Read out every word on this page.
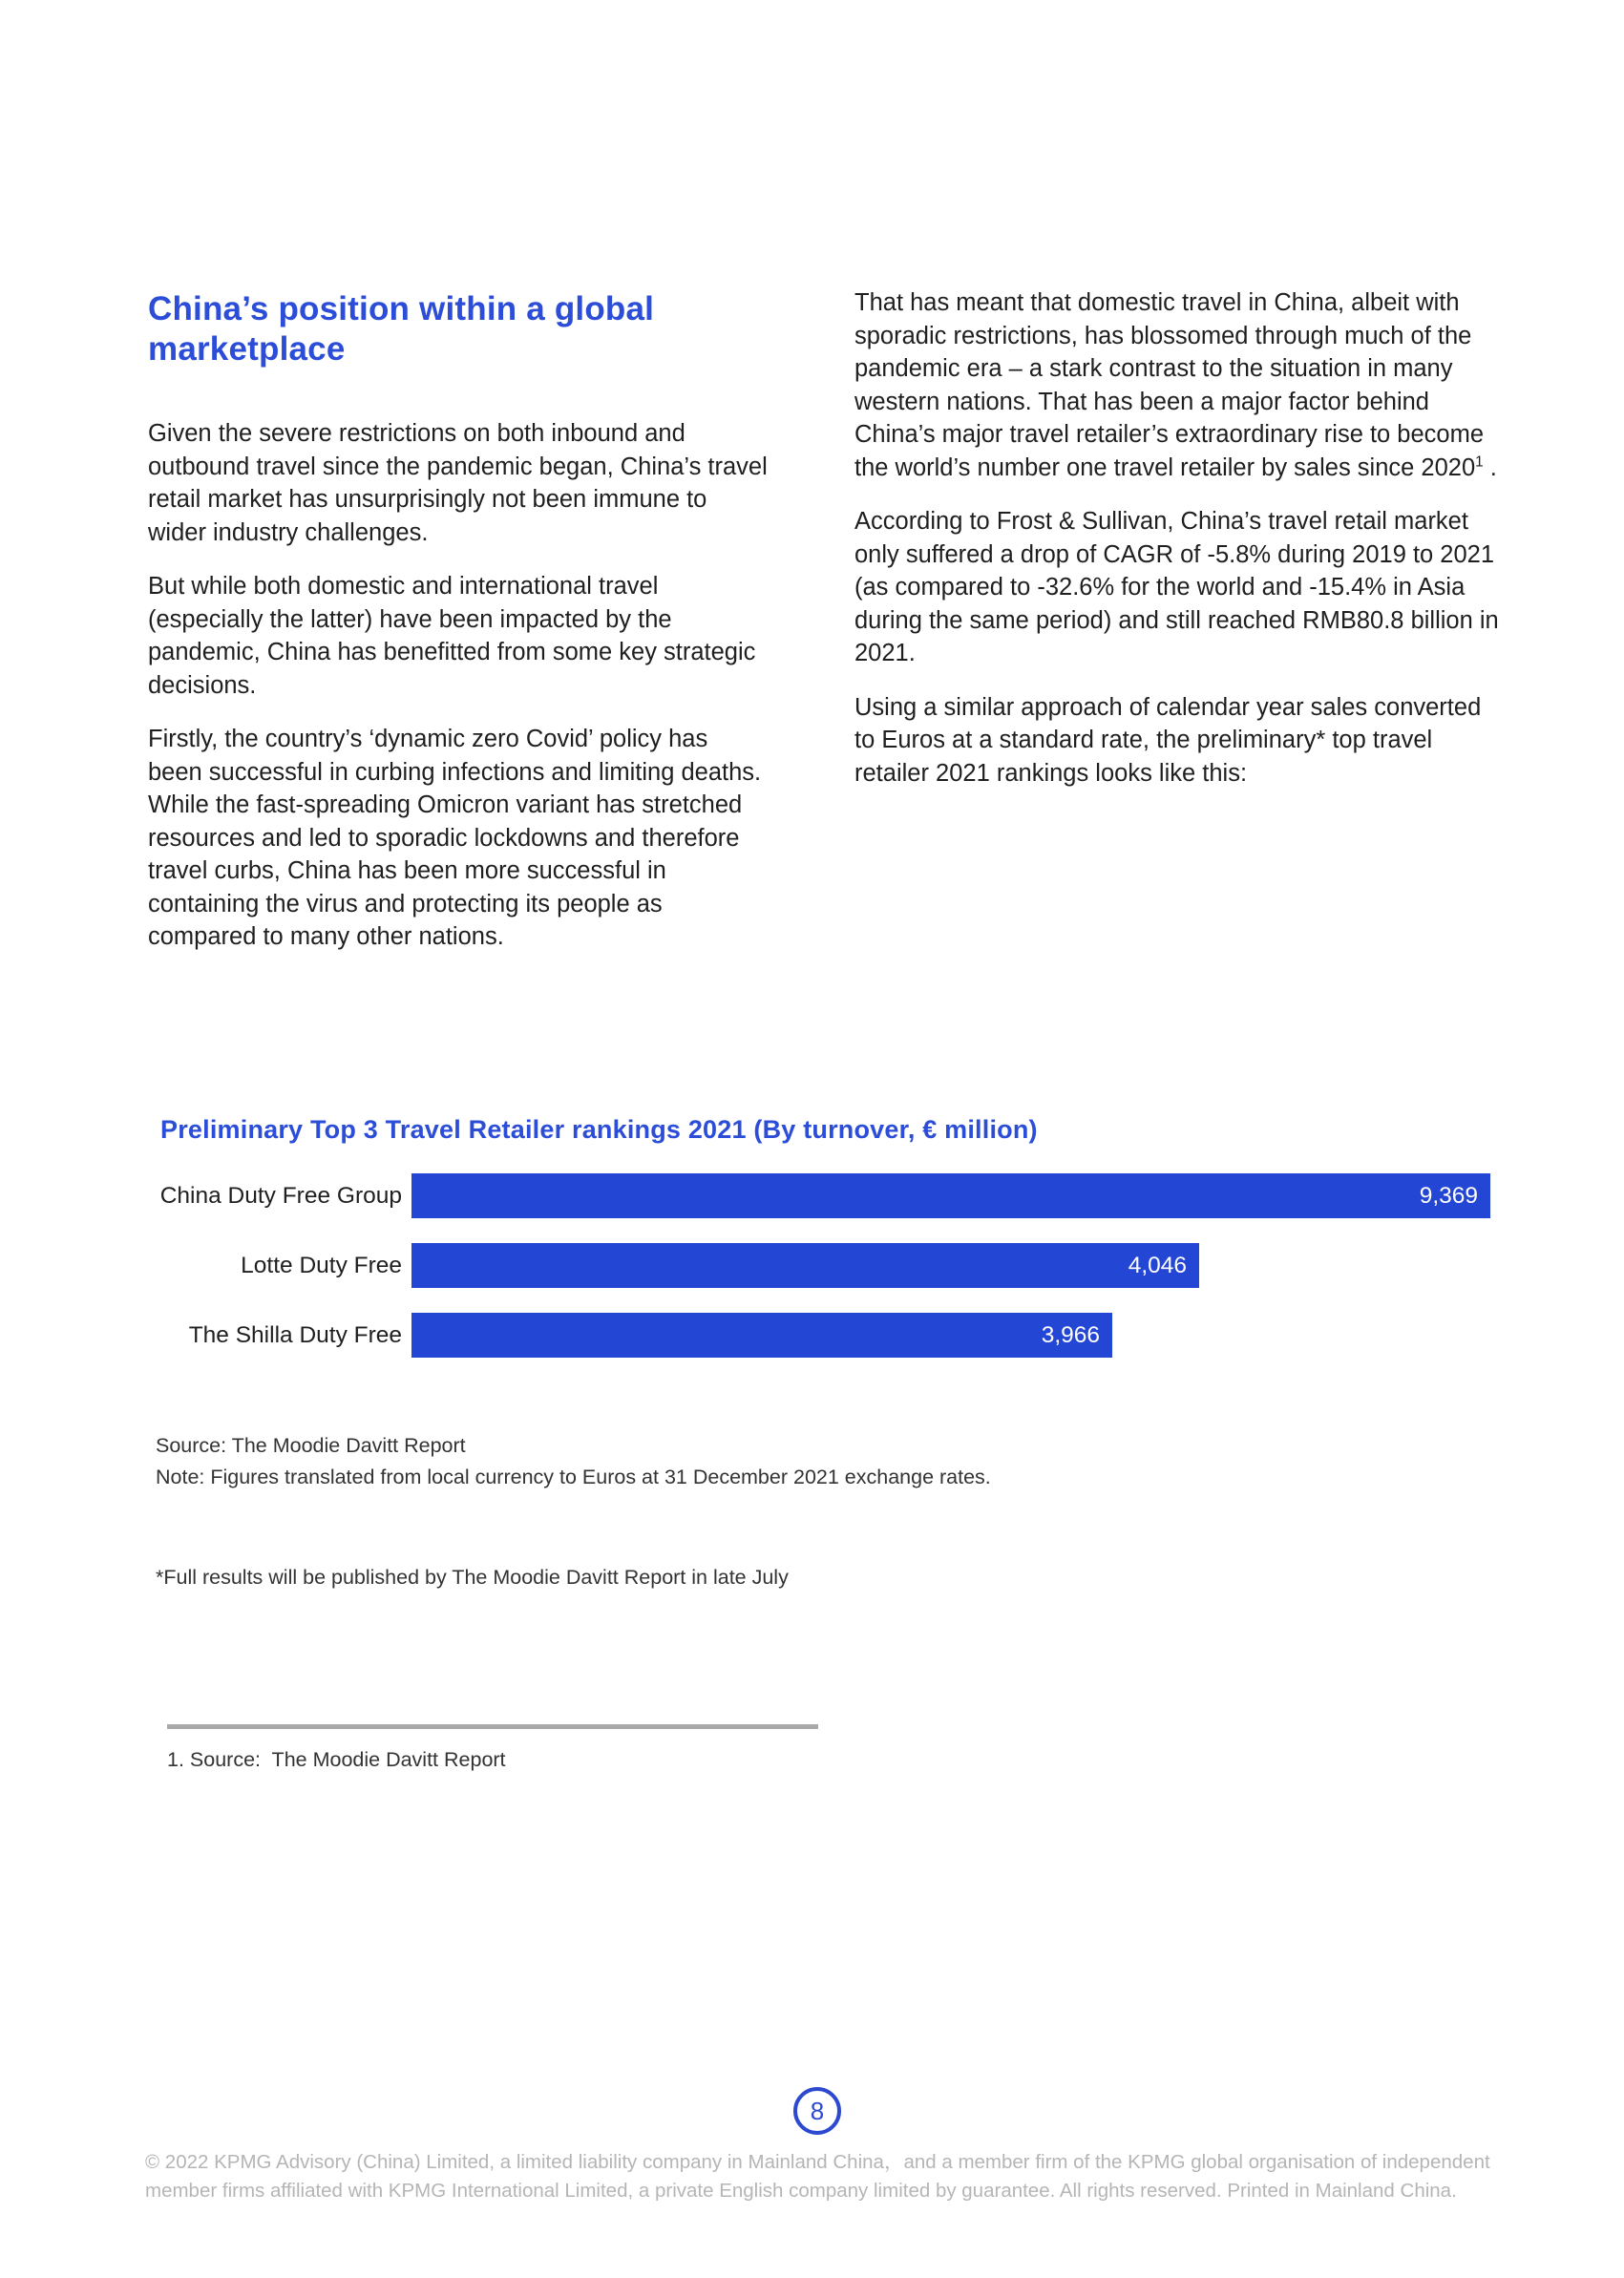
China’s position within a global marketplace

Given the severe restrictions on both inbound and outbound travel since the pandemic began, China’s travel retail market has unsurprisingly not been immune to wider industry challenges.

But while both domestic and international travel (especially the latter) have been impacted by the pandemic, China has benefitted from some key strategic decisions.

Firstly, the country’s ‘dynamic zero Covid’ policy has been successful in curbing infections and limiting deaths. While the fast-spreading Omicron variant has stretched resources and led to sporadic lockdowns and therefore travel curbs, China has been more successful in containing the virus and protecting its people as compared to many other nations.

That has meant that domestic travel in China, albeit with sporadic restrictions, has blossomed through much of the pandemic era – a stark contrast to the situation in many western nations. That has been a major factor behind China’s major travel retailer’s extraordinary rise to become the world’s number one travel retailer by sales since 2020$^1$ .

According to Frost & Sullivan, China’s travel retail market only suffered a drop of CAGR of -5.8% during 2019 to 2021 (as compared to -32.6% for the world and -15.4% in Asia during the same period) and still reached RMB80.8 billion in 2021.

Using a similar approach of calendar year sales converted to Euros at a standard rate, the preliminary* top travel retailer 2021 rankings looks like this:

Preliminary Top 3 Travel Retailer rankings 2021 (By turnover, € million)
China Duty Free Group	9,369
Lotte Duty Free	4,046
The Shilla Duty Free	3,966
Source: The Moodie Davitt Report
Note: Figures translated from local currency to Euros at 31 December 2021 exchange rates.
*Full results will be published by The Moodie Davitt Report in late July
1. Source:  The Moodie Davitt Report
8
© 2022 KPMG Advisory (China) Limited, a limited liability company in Mainland China，and a member firm of the KPMG global organisation of independent
member firms affiliated with KPMG International Limited, a private English company limited by guarantee. All rights reserved. Printed in Mainland China.
